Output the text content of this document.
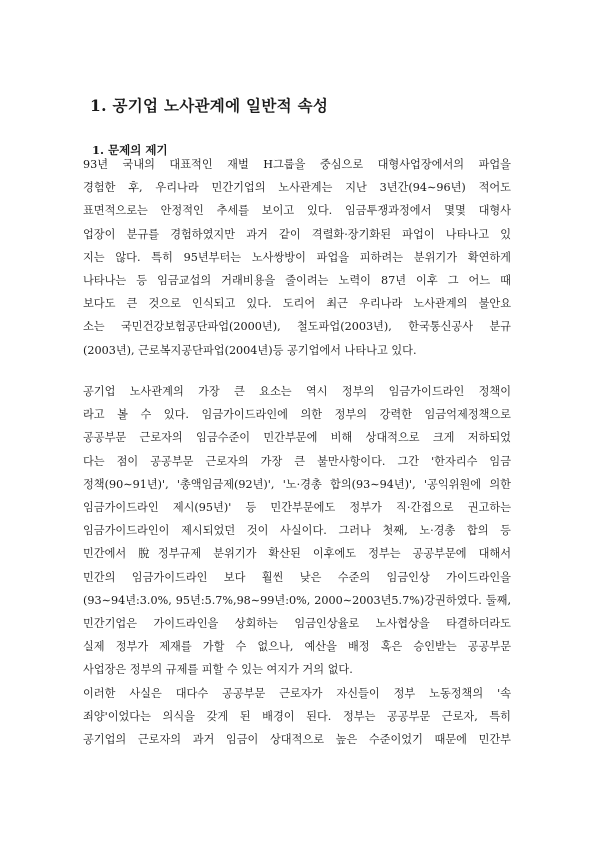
1. 공기업 노사관계에 일반적 속성
1. 문제의 제기
93년 국내의 대표적인 재벌 H그룹을 중심으로 대형사업장에서의 파업을
경험한 후, 우리나라 민간기업의 노사관계는 지난 3년간(94∼96년) 적어도
표면적으로는 안정적인 추세를 보이고 있다. 임금투쟁과정에서 몇몇 대형사
업장이 분규를 경험하였지만 과거 같이 격렬화·장기화된 파업이 나타나고 있
지는 않다. 특히 95년부터는 노사쌍방이 파업을 피하려는 분위기가 확연하게
나타나는 등 임금교섭의 거래비용을 줄이려는 노력이 87년 이후 그 어느 때
보다도 큰 것으로 인식되고 있다. 도리어 최근 우리나라 노사관계의 불안요
소는 국민건강보험공단파업(2000년), 철도파업(2003년), 한국통신공사 분규
(2003년), 근로복지공단파업(2004년)등 공기업에서 나타나고 있다.
공기업 노사관계의 가장 큰 요소는 역시 정부의 임금가이드라인 정책이
라고 볼 수 있다. 임금가이드라인에 의한 정부의 강력한 임금억제정책으로
공공부문 근로자의 임금수준이 민간부문에 비해 상대적으로 크게 저하되었
다는 점이 공공부문 근로자의 가장 큰 불만사항이다. 그간 '한자리수 임금
정책(90∼91년)', '총액임금제(92년)', '노·경총 합의(93∼94년)', '공익위원에 의한
임금가이드라인 제시(95년)' 등 민간부문에도 정부가 직·간접으로 권고하는
임금가이드라인이 제시되었던 것이 사실이다. 그러나 첫째, 노·경총 합의 등
민간에서 脫정부규제 분위기가 확산된 이후에도 정부는 공공부문에 대해서
민간의 임금가이드라인 보다 훨씬 낮은 수준의 임금인상 가이드라인을
(93∼94년:3.0%, 95년:5.7%,98∼99년:0%, 2000∼2003년5.7%)강권하였다. 둘째,
민간기업은 가이드라인을 상회하는 임금인상율로 노사협상을 타결하더라도
실제 정부가 제재를 가할 수 없으나, 예산을 배정 혹은 승인받는 공공부문
사업장은 정부의 규제를 피할 수 있는 여지가 거의 없다.
이러한 사실은 대다수 공공부문 근로자가 자신들이 정부 노동정책의 '속
죄양'이었다는 의식을 갖게 된 배경이 된다. 정부는 공공부문 근로자, 특히
공기업의 근로자의 과거 임금이 상대적으로 높은 수준이었기 때문에 민간부
